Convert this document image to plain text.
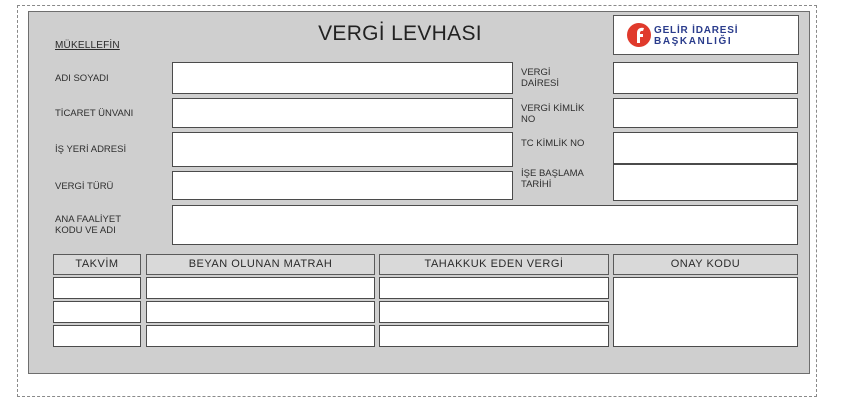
VERGİ LEVHASI
MÜKELLEFİN
GELİR İDARESİ
BAŞKANLIĞI
ADI SOYADI
TİCARET ÜNVANI
İŞ YERİ ADRESİ
VERGİ TÜRÜ
VERGİ
DAİRESİ
VERGİ KİMLİK
NO
TC KİMLİK NO
İŞE BAŞLAMA
TARİHİ
ANA FAALİYET
KODU VE ADI
TAKVİM	BEYAN OLUNAN MATRAH	TAHAKKUK EDEN VERGİ	ONAY KODU
